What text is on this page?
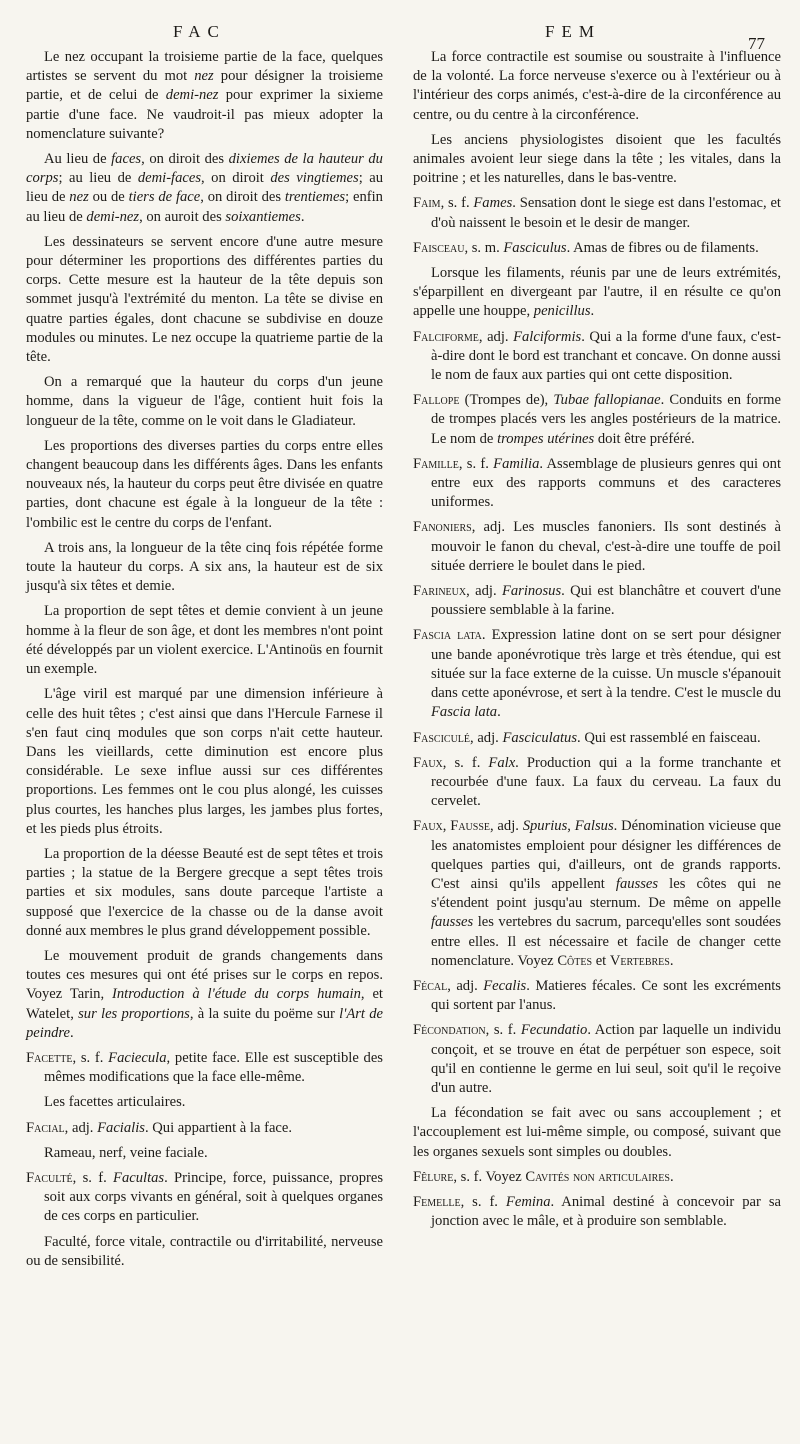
FAC	FEM
77

Le nez occupant la troisieme partie de la face, quelques artistes se servent du mot nez pour désigner la troisieme partie, et de celui de demi-nez pour exprimer la sixieme partie d'une face. Ne vaudroit-il pas mieux adopter la nomenclature suivante?

Au lieu de faces, on diroit des dixiemes de la hauteur du corps; au lieu de demi-faces, on diroit des vingtiemes; au lieu de nez ou de tiers de face, on diroit des trentiemes; enfin au lieu de demi-nez, on auroit des soixantiemes.

Les dessinateurs se servent encore d'une autre mesure pour déterminer les proportions des différentes parties du corps. Cette mesure est la hauteur de la tête depuis son sommet jusqu'à l'extrémité du menton. La tête se divise en quatre parties égales, dont chacune se subdivise en douze modules ou minutes. Le nez occupe la quatrieme partie de la tête.

On a remarqué que la hauteur du corps d'un jeune homme, dans la vigueur de l'âge, contient huit fois la longueur de la tête, comme on le voit dans le Gladiateur.

Les proportions des diverses parties du corps entre elles changent beaucoup dans les différents âges. Dans les enfants nouveaux nés, la hauteur du corps peut être divisée en quatre parties, dont chacune est égale à la longueur de la tête : l'ombilic est le centre du corps de l'enfant.

A trois ans, la longueur de la tête cinq fois répétée forme toute la hauteur du corps. A six ans, la hauteur est de six jusqu'à six têtes et demie.

La proportion de sept têtes et demie convient à un jeune homme à la fleur de son âge, et dont les membres n'ont point été développés par un violent exercice. L'Antinoüs en fournit un exemple.

L'âge viril est marqué par une dimension inférieure à celle des huit têtes ; c'est ainsi que dans l'Hercule Farnese il s'en faut cinq modules que son corps n'ait cette hauteur. Dans les vieillards, cette diminution est encore plus considérable. Le sexe influe aussi sur ces différentes proportions. Les femmes ont le cou plus alongé, les cuisses plus courtes, les hanches plus larges, les jambes plus fortes, et les pieds plus étroits.

La proportion de la déesse Beauté est de sept têtes et trois parties ; la statue de la Bergere grecque a sept têtes trois parties et six modules, sans doute parceque l'artiste a supposé que l'exercice de la chasse ou de la danse avoit donné aux membres le plus grand développement possible.

Le mouvement produit de grands changements dans toutes ces mesures qui ont été prises sur le corps en repos. Voyez Tarin, Introduction à l'étude du corps humain, et Watelet, sur les proportions, à la suite du poëme sur l'Art de peindre.

Facette, s. f. Faciecula, petite face. Elle est susceptible des mêmes modifications que la face elle-même.

Les facettes articulaires.

Facial, adj. Facialis. Qui appartient à la face.

Rameau, nerf, veine faciale.

Faculté, s. f. Facultas. Principe, force, puissance, propres soit aux corps vivants en général, soit à quelques organes de ces corps en particulier.

Faculté, force vitale, contractile ou d'irritabilité, nerveuse ou de sensibilité.

La force contractile est soumise ou soustraite à l'influence de la volonté. La force nerveuse s'exerce ou à l'extérieur ou à l'intérieur des corps animés, c'est-à-dire de la circonférence au centre, ou du centre à la circonférence.

Les anciens physiologistes disoient que les facultés animales avoient leur siege dans la tête ; les vitales, dans la poitrine ; et les naturelles, dans le bas-ventre.

Faim, s. f. Fames. Sensation dont le siege est dans l'estomac, et d'où naissent le besoin et le desir de manger.

Faisceau, s. m. Fasciculus. Amas de fibres ou de filaments.

Lorsque les filaments, réunis par une de leurs extrémités, s'éparpillent en divergeant par l'autre, il en résulte ce qu'on appelle une houppe, penicillus.

Falciforme, adj. Falciformis. Qui a la forme d'une faux, c'est-à-dire dont le bord est tranchant et concave. On donne aussi le nom de faux aux parties qui ont cette disposition.

Fallope (Trompes de), Tubae fallopianae. Conduits en forme de trompes placés vers les angles postérieurs de la matrice. Le nom de trompes utérines doit être préféré.

Famille, s. f. Familia. Assemblage de plusieurs genres qui ont entre eux des rapports communs et des caracteres uniformes.

Fanoniers, adj. Les muscles fanoniers. Ils sont destinés à mouvoir le fanon du cheval, c'est-à-dire une touffe de poil située derriere le boulet dans le pied.

Farineux, adj. Farinosus. Qui est blanchâtre et couvert d'une poussiere semblable à la farine.

Fascia lata. Expression latine dont on se sert pour désigner une bande aponévrotique très large et très étendue, qui est située sur la face externe de la cuisse. Un muscle s'épanouit dans cette aponévrose, et sert à la tendre. C'est le muscle du Fascia lata.

Fasciculé, adj. Fasciculatus. Qui est rassemblé en faisceau.

Faux, s. f. Falx. Production qui a la forme tranchante et recourbée d'une faux. La faux du cerveau. La faux du cervelet.

Faux, Fausse, adj. Spurius, Falsus. Dénomination vicieuse que les anatomistes emploient pour désigner les différences de quelques parties qui, d'ailleurs, ont de grands rapports. C'est ainsi qu'ils appellent fausses les côtes qui ne s'étendent point jusqu'au sternum. De même on appelle fausses les vertebres du sacrum, parcequ'elles sont soudées entre elles. Il est nécessaire et facile de changer cette nomenclature. Voyez Côtes et Vertebres.

Fécal, adj. Fecalis. Matieres fécales. Ce sont les excréments qui sortent par l'anus.

Fécondation, s. f. Fecundatio. Action par laquelle un individu conçoit, et se trouve en état de perpétuer son espece, soit qu'il en contienne le germe en lui seul, soit qu'il le reçoive d'un autre.

La fécondation se fait avec ou sans accouplement ; et l'accouplement est lui-même simple, ou composé, suivant que les organes sexuels sont simples ou doubles.

Fêlure, s. f. Voyez Cavités non articulaires.

Femelle, s. f. Femina. Animal destiné à concevoir par sa jonction avec le mâle, et à produire son semblable.
